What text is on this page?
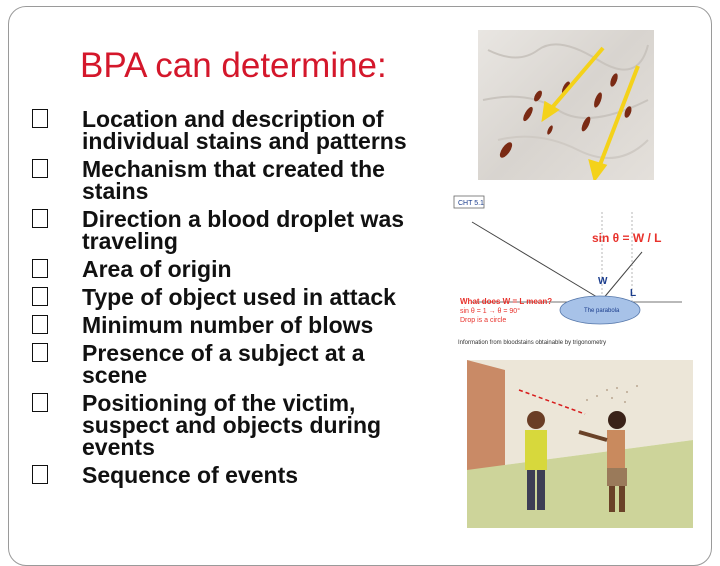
BPA can determine:
Location and description of individual stains and patterns
Mechanism that created the stains
Direction a blood droplet was traveling
Area of origin
Type of object used in attack
Minimum number of blows
Presence of a subject at a scene
Positioning of the victim, suspect and objects during events
Sequence of events
CHT 5.1
sin θ = W / L
W
L
What does W = L mean?
sin θ = 1 → θ = 90°
Drop is a circle
The parabola
Information from bloodstains obtainable by trigonometry
